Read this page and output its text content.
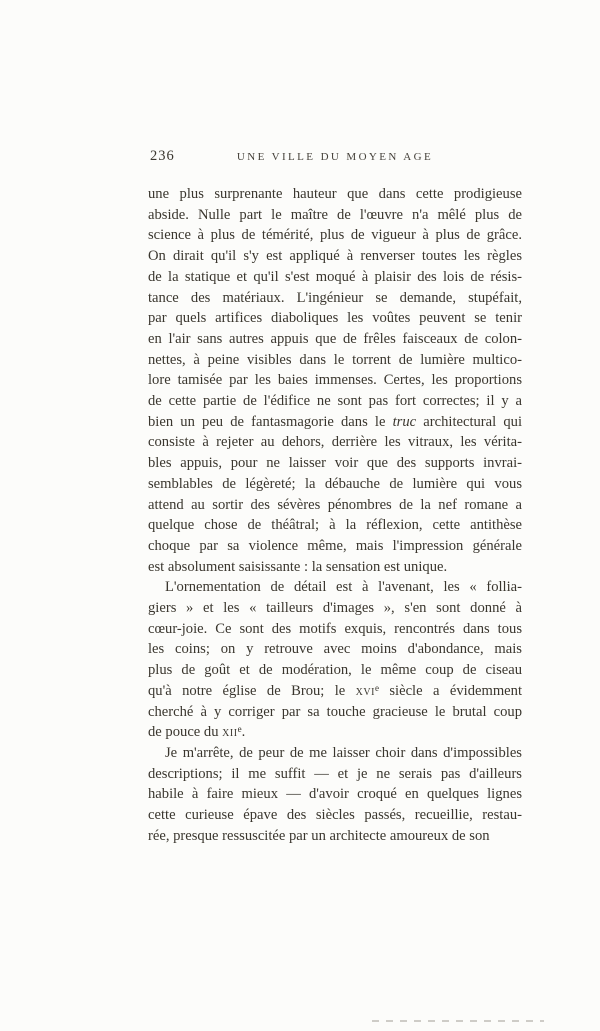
236	UNE VILLE DU MOYEN AGE
une plus surprenante hauteur que dans cette prodigieuse
abside. Nulle part le maître de l'œuvre n'a mêlé plus de
science à plus de témérité, plus de vigueur à plus de grâce.
On dirait qu'il s'y est appliqué à renverser toutes les règles
de la statique et qu'il s'est moqué à plaisir des lois de résis-
tance des matériaux. L'ingénieur se demande, stupéfait,
par quels artifices diaboliques les voûtes peuvent se tenir
en l'air sans autres appuis que de frêles faisceaux de colon-
nettes, à peine visibles dans le torrent de lumière multico-
lore tamisée par les baies immenses. Certes, les proportions
de cette partie de l'édifice ne sont pas fort correctes; il y a
bien un peu de fantasmagorie dans le truc architectural qui
consiste à rejeter au dehors, derrière les vitraux, les vérita-
bles appuis, pour ne laisser voir que des supports invrai-
semblables de légèreté; la débauche de lumière qui vous
attend au sortir des sévères pénombres de la nef romane a
quelque chose de théâtral; à la réflexion, cette antithèse
choque par sa violence même, mais l'impression générale
est absolument saisissante : la sensation est unique.
L'ornementation de détail est à l'avenant, les « follia-
giers » et les « tailleurs d'images », s'en sont donné à
cœur-joie. Ce sont des motifs exquis, rencontrés dans tous
les coins; on y retrouve avec moins d'abondance, mais
plus de goût et de modération, le même coup de ciseau
qu'à notre église de Brou; le xvi$^e$ siècle a évidemment
cherché à y corriger par sa touche gracieuse le brutal coup
de pouce du xii$^e$.
Je m'arrête, de peur de me laisser choir dans d'impossibles
descriptions; il me suffit — et je ne serais pas d'ailleurs
habile à faire mieux — d'avoir croqué en quelques lignes
cette curieuse épave des siècles passés, recueillie, restau-
rée, presque ressuscitée par un architecte amoureux de son
